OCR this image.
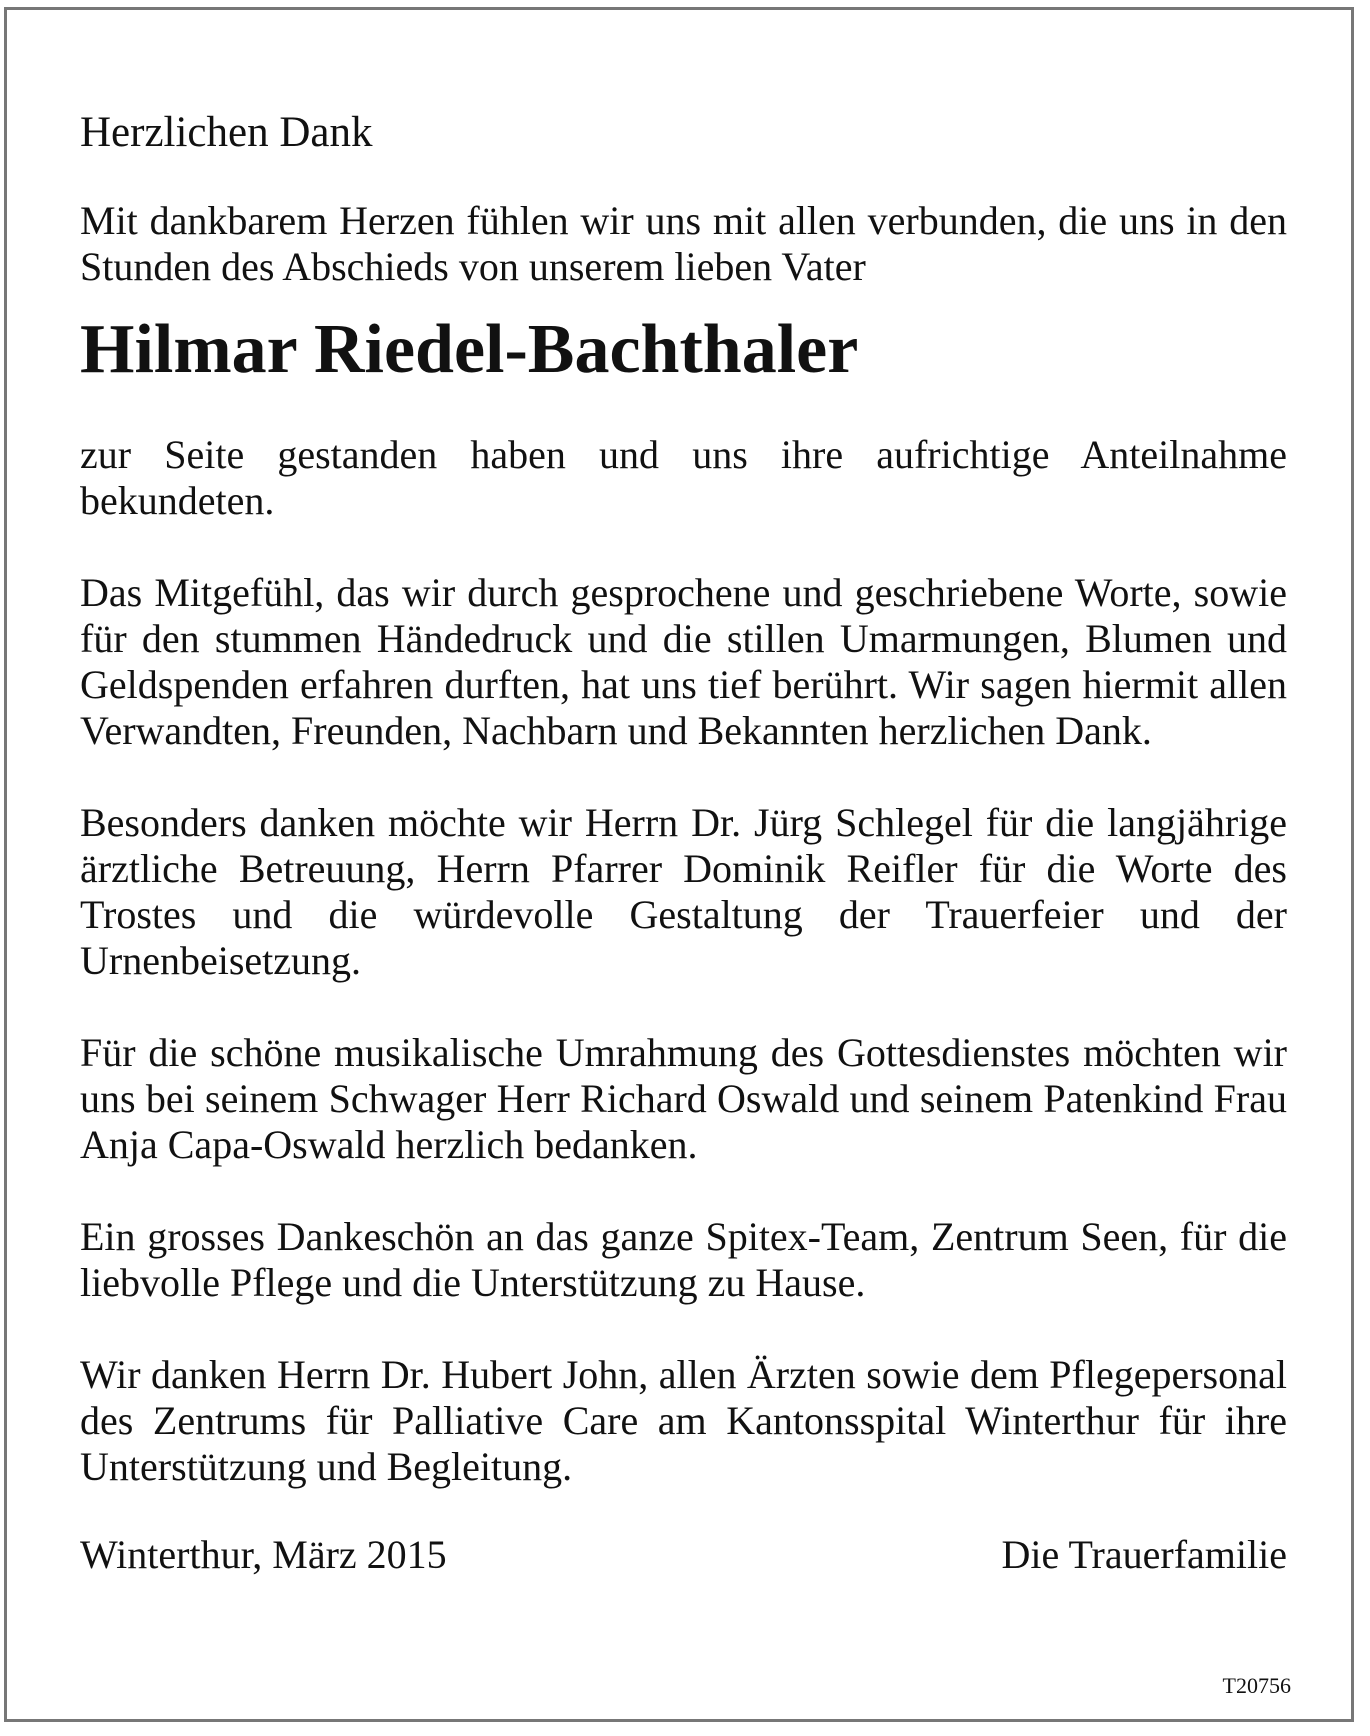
Herzlichen Dank

Mit dankbarem Herzen fühlen wir uns mit allen verbunden, die uns in den Stunden des Abschieds von unserem lieben Vater

Hilmar Riedel-Bachthaler

zur Seite gestanden haben und uns ihre aufrichtige Anteilnahme bekundeten.

Das Mitgefühl, das wir durch gesprochene und geschriebene Worte, sowie für den stummen Händedruck und die stillen Umarmungen, Blumen und Geldspenden erfahren durften, hat uns tief berührt. Wir sagen hiermit allen Verwandten, Freunden, Nachbarn und Bekannten herzlichen Dank.

Besonders danken möchte wir Herrn Dr. Jürg Schlegel für die langjährige ärztliche Betreuung, Herrn Pfarrer Dominik Reifler für die Worte des Trostes und die würdevolle Gestaltung der Trauerfeier und der Urnenbeisetzung.

Für die schöne musikalische Umrahmung des Gottesdienstes möchten wir uns bei seinem Schwager Herr Richard Oswald und seinem Patenkind Frau Anja Capa-Oswald herzlich bedanken.

Ein grosses Dankeschön an das ganze Spitex-Team, Zentrum Seen, für die liebvolle Pflege und die Unterstützung zu Hause.

Wir danken Herrn Dr. Hubert John, allen Ärzten sowie dem Pflegepersonal des Zentrums für Palliative Care am Kantonsspital Winterthur für ihre Unterstützung und Begleitung.

Winterthur, März 2015	Die Trauerfamilie
T20756
